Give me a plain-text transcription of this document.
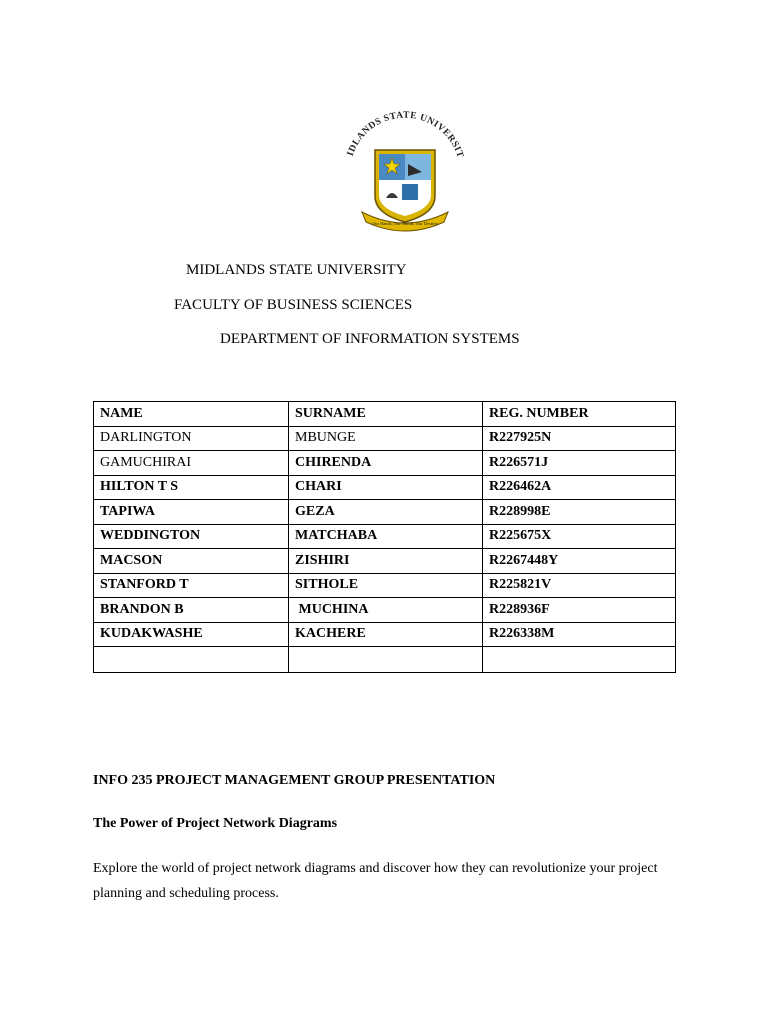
IDLANDS STATE UNIVERSIT
Our Hands, Our Minds, Our Destiny
MIDLANDS STATE UNIVERSITY
FACULTY OF BUSINESS SCIENCES
DEPARTMENT OF INFORMATION SYSTEMS
NAME	SURNAME	REG. NUMBER
DARLINGTON	MBUNGE	R227925N
GAMUCHIRAI	CHIRENDA	R226571J
HILTON T S	CHARI	R226462A
TAPIWA	GEZA	R228998E
WEDDINGTON	MATCHABA	R225675X
MACSON	ZISHIRI	R2267448Y
STANFORD T	SITHOLE	R225821V
BRANDON B	MUCHINA	R228936F
KUDAKWASHE	KACHERE	R226338M

INFO 235 PROJECT MANAGEMENT GROUP PRESENTATION
The Power of Project Network Diagrams
Explore the world of project network diagrams and discover how they can revolutionize your project planning and scheduling process.
